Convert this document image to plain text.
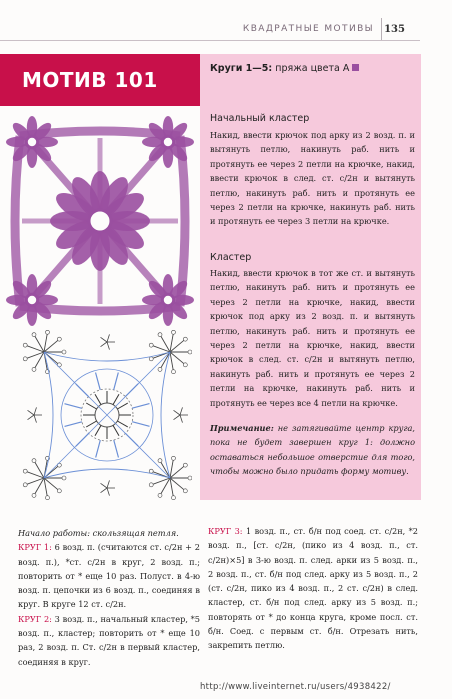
КВАДРАТНЫЕ МОТИВЫ	135
МОТИВ 101	Круги 1—5: пряжа цвета А
Начальный кластер
Накид, ввести крючок под арку из 2 возд. п. и вытянуть петлю, накинуть раб. нить и протянуть ее через 2 петли на крючке, накид, ввести крючок в след. ст. с/2н и вытянуть петлю, накинуть раб. нить и протянуть ее через 2 петли на крючке, накинуть раб. нить и протянуть ее через 3 петли на крючке.
Кластер
Накид, ввести крючок в тот же ст. и вытянуть петлю, накинуть раб. нить и протянуть ее через 2 петли на крючке, накид, ввести крючок под арку из 2 возд. п. и вытянуть петлю, накинуть раб. нить и протянуть ее через 2 петли на крючке, накид, ввести крючок в след. ст. с/2н и вытянуть петлю, накинуть раб. нить и протянуть ее через 2 петли на крючке, накинуть раб. нить и протянуть ее через все 4 петли на крючке.
Примечание: не затягивайте центр круга, пока не будет завершен круг 1: должно оставаться небольшое отверстие для того, чтобы можно было придать форму мотиву.
Начало работы: скользящая петля.
КРУГ 1: 6 возд. п. (считаются ст. с/2н + 2 возд. п.), *ст. с/2н в круг, 2 возд. п.; повторить от * еще 10 раз. Полуст. в 4-ю возд. п. цепочки из 6 возд. п., соединяя в круг. В круге 12 ст. с/2н.
КРУГ 2: 3 возд. п., начальный кластер, *5 возд. п., кластер; повторить от * еще 10 раз, 2 возд. п. Ст. с/2н в первый кластер, соединяя в круг.
КРУГ 3: 1 возд. п., ст. б/н под соед. ст. с/2н, *2 возд. п., [ст. с/2н, (пико из 4 возд. п., ст. с/2н)×5] в 3-ю возд. п. след. арки из 5 возд. п., 2 возд. п., ст. б/н под след. арку из 5 возд. п., 2 (ст. с/2н, пико из 4 возд. п., 2 ст. с/2н) в след. кластер, ст. б/н под след. арку из 5 возд. п.; повторять от * до конца круга, кроме посл. ст. б/н. Соед. с первым ст. б/н. Отрезать нить, закрепить петлю.
http://www.liveinternet.ru/users/4938422/
